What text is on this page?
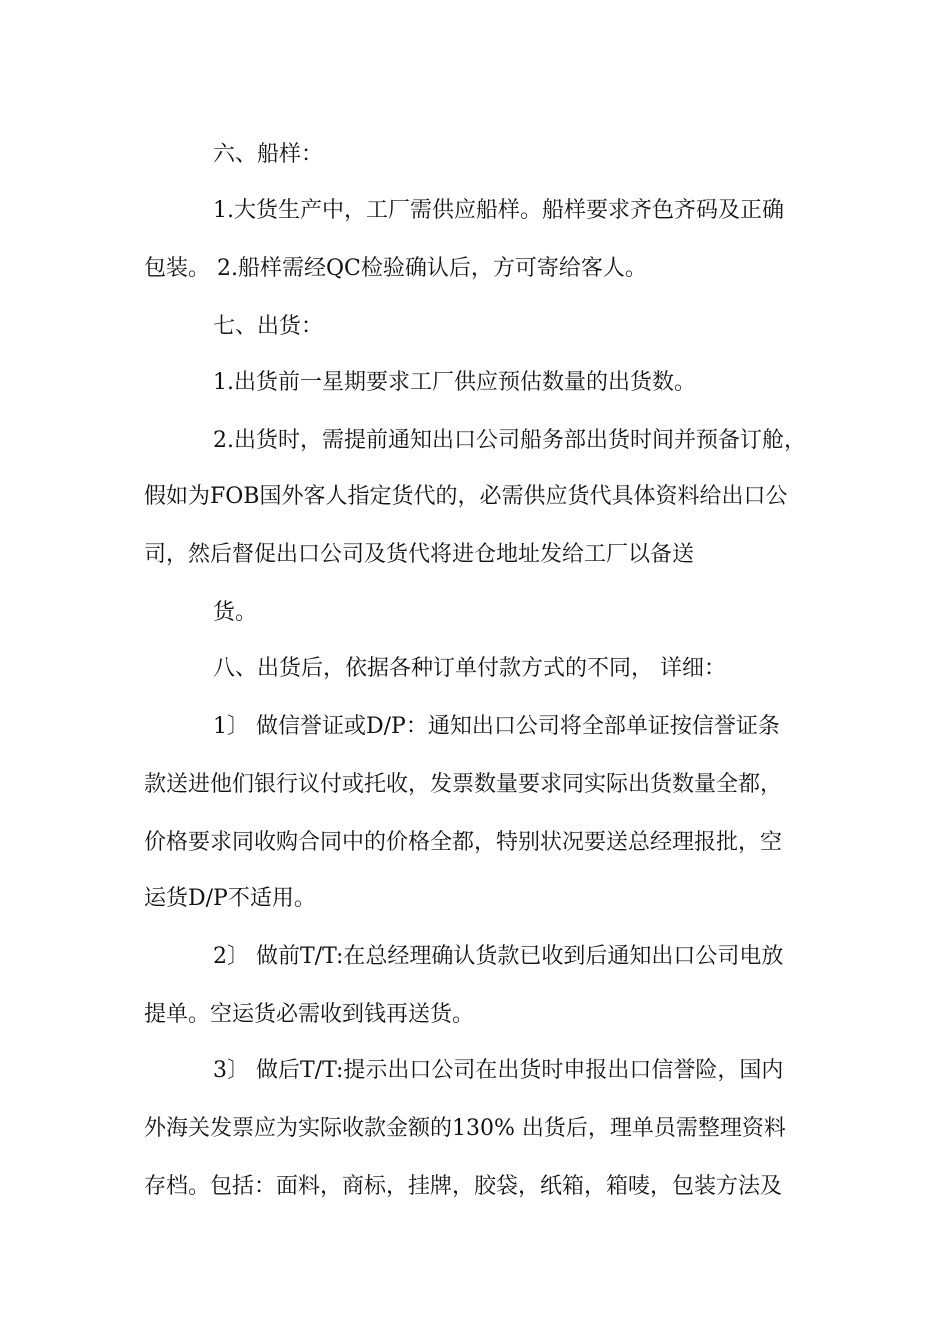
六、船样：
1.大货生产中，工厂需供应船样。船样要求齐色齐码及正确
包装。 2.船样需经QC检验确认后，方可寄给客人。
七、出货：
1.出货前一星期要求工厂供应预估数量的出货数。
2.出货时，需提前通知出口公司船务部出货时间并预备订舱，
假如为FOB国外客人指定货代的，必需供应货代具体资料给出口公
司，然后督促出口公司及货代将进仓地址发给工厂以备送
货。
八、出货后，依据各种订单付款方式的不同， 详细：
1〕 做信誉证或D/P：通知出口公司将全部单证按信誉证条
款送进他们银行议付或托收，发票数量要求同实际出货数量全都，
价格要求同收购合同中的价格全都，特别状况要送总经理报批，空
运货D/P不适用。
2〕 做前T/T:在总经理确认货款已收到后通知出口公司电放
提单。空运货必需收到钱再送货。
3〕 做后T/T:提示出口公司在出货时申报出口信誉险，国内
外海关发票应为实际收款金额的130% 出货后，理单员需整理资料
存档。包括：面料，商标，挂牌，胶袋，纸箱，箱唛，包装方法及
